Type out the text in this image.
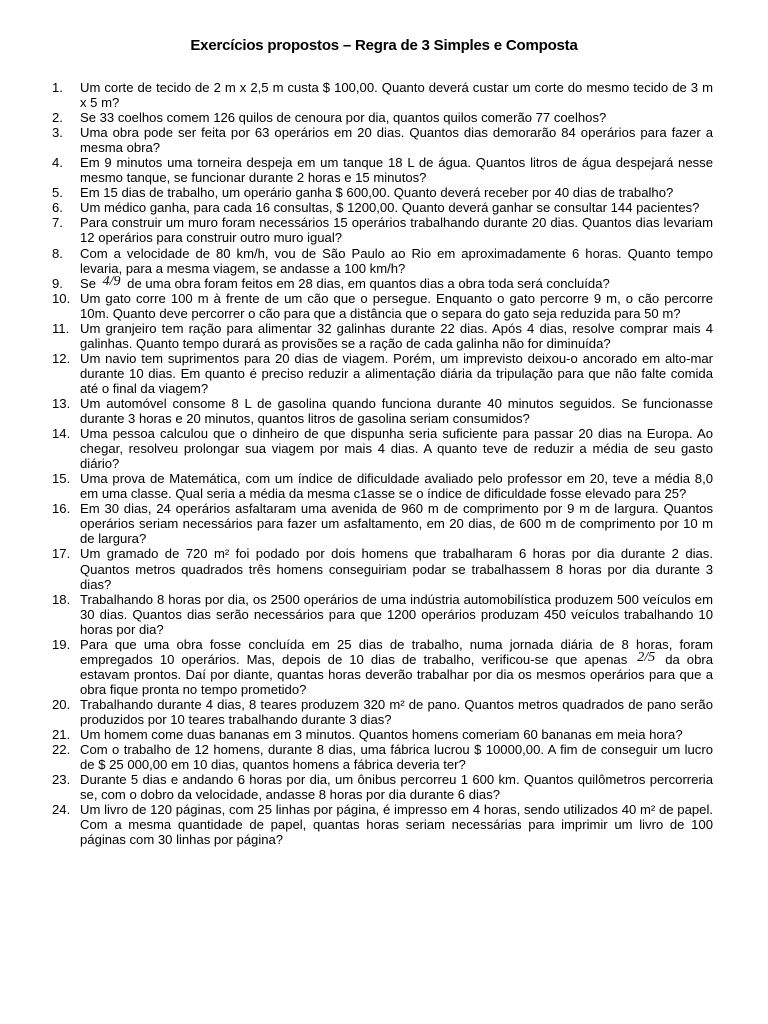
Exercícios propostos – Regra de 3 Simples e Composta
1. Um corte de tecido de 2 m x 2,5 m custa $ 100,00. Quanto deverá custar um corte do mesmo tecido de 3 m x 5 m?
2. Se 33 coelhos comem 126 quilos de cenoura por dia, quantos quilos comerão 77 coelhos?
3. Uma obra pode ser feita por 63 operários em 20 dias. Quantos dias demorarão 84 operários para fazer a mesma obra?
4. Em 9 minutos uma torneira despeja em um tanque 18 L de água. Quantos litros de água despejará nesse mesmo tanque, se funcionar durante 2 horas e 15 minutos?
5. Em 15 dias de trabalho, um operário ganha $ 600,00. Quanto deverá receber por 40 dias de trabalho?
6. Um médico ganha, para cada 16 consultas, $ 1200,00. Quanto deverá ganhar se consultar 144 pacientes?
7. Para construir um muro foram necessários 15 operários trabalhando durante 20 dias. Quantos dias levariam 12 operários para construir outro muro igual?
8. Com a velocidade de 80 km/h, vou de São Paulo ao Rio em aproximadamente 6 horas. Quanto tempo levaria, para a mesma viagem, se andasse a 100 km/h?
9. Se 4/9 de uma obra foram feitos em 28 dias, em quantos dias a obra toda será concluída?
10. Um gato corre 100 m à frente de um cão que o persegue. Enquanto o gato percorre 9 m, o cão percorre 10m. Quanto deve percorrer o cão para que a distância que o separa do gato seja reduzida para 50 m?
11. Um granjeiro tem ração para alimentar 32 galinhas durante 22 dias. Após 4 dias, resolve comprar mais 4 galinhas. Quanto tempo durará as provisões se a ração de cada galinha não for diminuída?
12. Um navio tem suprimentos para 20 dias de viagem. Porém, um imprevisto deixou-o ancorado em alto-mar durante 10 dias. Em quanto é preciso reduzir a alimentação diária da tripulação para que não falte comida até o final da viagem?
13. Um automóvel consome 8 L de gasolina quando funciona durante 40 minutos seguidos. Se funcionasse durante 3 horas e 20 minutos, quantos litros de gasolina seriam consumidos?
14. Uma pessoa calculou que o dinheiro de que dispunha seria suficiente para passar 20 dias na Europa. Ao chegar, resolveu prolongar sua viagem por mais 4 dias. A quanto teve de reduzir a média de seu gasto diário?
15. Uma prova de Matemática, com um índice de dificuldade avaliado pelo professor em 20, teve a média 8,0 em uma classe. Qual seria a média da mesma c1asse se o índice de dificuldade fosse elevado para 25?
16. Em 30 dias, 24 operários asfaltaram uma avenida de 960 m de comprimento por 9 m de largura. Quantos operários seriam necessários para fazer um asfaltamento, em 20 dias, de 600 m de comprimento por 10 m de largura?
17. Um gramado de 720 m² foi podado por dois homens que trabalharam 6 horas por dia durante 2 dias. Quantos metros quadrados três homens conseguiriam podar se trabalhassem 8 horas por dia durante 3 dias?
18. Trabalhando 8 horas por dia, os 2500 operários de uma indústria automobilística produzem 500 veículos em 30 dias. Quantos dias serão necessários para que 1200 operários produzam 450 veículos trabalhando 10 horas por dia?
19. Para que uma obra fosse concluída em 25 dias de trabalho, numa jornada diária de 8 horas, foram empregados 10 operários. Mas, depois de 10 dias de trabalho, verificou-se que apenas 2/5 da obra estavam prontos. Daí por diante, quantas horas deverão trabalhar por dia os mesmos operários para que a obra fique pronta no tempo prometido?
20. Trabalhando durante 4 dias, 8 teares produzem 320 m² de pano. Quantos metros quadrados de pano serão produzidos por 10 teares trabalhando durante 3 dias?
21. Um homem come duas bananas em 3 minutos. Quantos homens comeriam 60 bananas em meia hora?
22. Com o trabalho de 12 homens, durante 8 dias, uma fábrica lucrou $ 10000,00. A fim de conseguir um lucro de $ 25 000,00 em 10 dias, quantos homens a fábrica deveria ter?
23. Durante 5 dias e andando 6 horas por dia, um ônibus percorreu 1 600 km. Quantos quilômetros percorreria se, com o dobro da velocidade, andasse 8 horas por dia durante 6 dias?
24. Um livro de 120 páginas, com 25 linhas por página, é impresso em 4 horas, sendo utilizados 40 m² de papel. Com a mesma quantidade de papel, quantas horas seriam necessárias para imprimir um livro de 100 páginas com 30 linhas por página?
